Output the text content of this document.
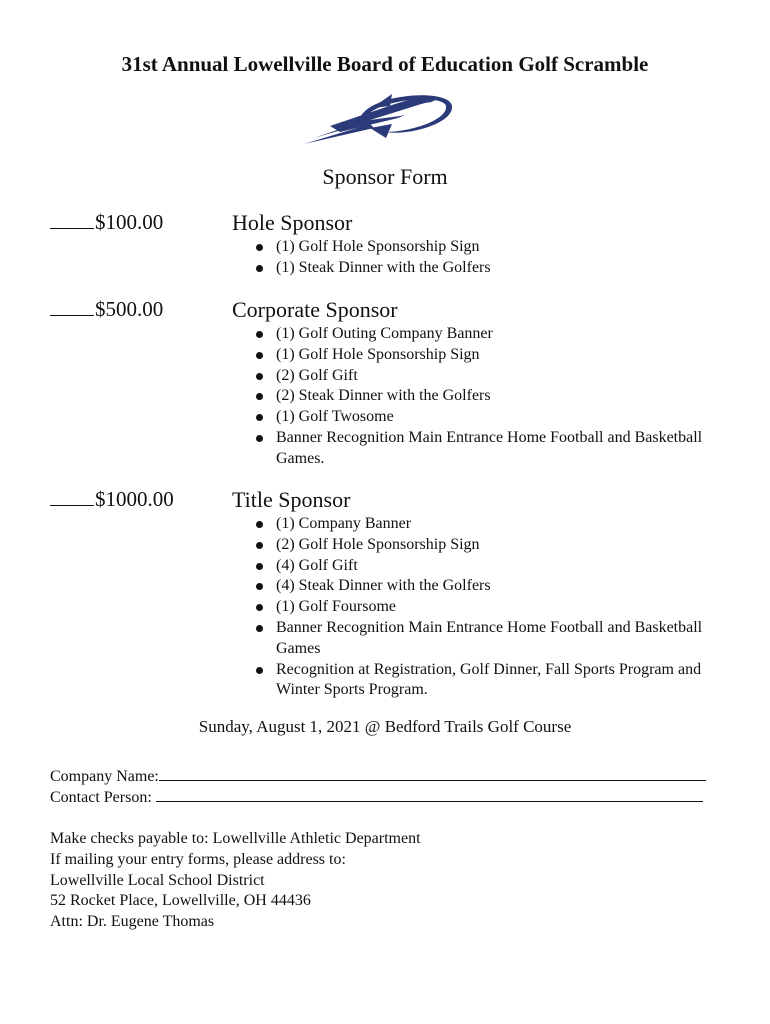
31st Annual Lowellville Board of Education Golf Scramble
Sponsor Form
$100.00	Hole Sponsor
(1) Golf Hole Sponsorship Sign
(1) Steak Dinner with the Golfers
$500.00	Corporate Sponsor
(1) Golf Outing Company Banner
(1) Golf Hole Sponsorship Sign
(2) Golf Gift
(2) Steak Dinner with the Golfers
(1) Golf Twosome
Banner Recognition Main Entrance Home Football and Basketball Games.
$1000.00	Title Sponsor
(1) Company Banner
(2) Golf Hole Sponsorship Sign
(4) Golf Gift
(4) Steak Dinner with the Golfers
(1) Golf Foursome
Banner Recognition Main Entrance Home Football and Basketball Games
Recognition at Registration, Golf Dinner, Fall Sports Program and Winter Sports Program.
Sunday, August 1, 2021 @ Bedford Trails Golf Course
Company Name:
Contact Person:
Make checks payable to: Lowellville Athletic Department
If mailing your entry forms, please address to:
Lowellville Local School District
52 Rocket Place, Lowellville, OH 44436
Attn: Dr. Eugene Thomas
